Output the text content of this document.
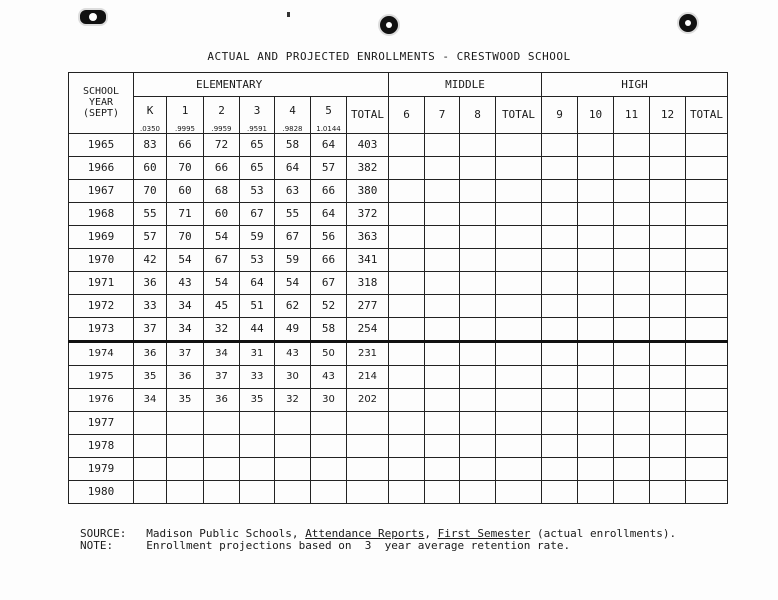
ACTUAL AND PROJECTED ENROLLMENTS - CRESTWOOD SCHOOL
SCHOOL
YEAR
(SEPT)	ELEMENTARY							MIDDLE				HIGH				
	K	1	2	3	4	5	TOTAL	6	7	8	TOTAL	9	10	11	12	TOTAL
	.0350	.9995	.9959	.9591	.9828	1.0144										
1965	83	66	72	65	58	64	403									
1966	60	70	66	65	64	57	382									
1967	70	60	68	53	63	66	380									
1968	55	71	60	67	55	64	372									
1969	57	70	54	59	67	56	363									
1970	42	54	67	53	59	66	341									
1971	36	43	54	64	54	67	318									
1972	33	34	45	51	62	52	277									
1973	37	34	32	44	49	58	254									
1974	36	37	34	31	43	50	231									
1975	35	36	37	33	30	43	214									
1976	34	35	36	35	32	30	202									
1977																
1978																
1979																
1980																
SOURCE: Madison Public Schools, Attendance Reports, First Semester (actual enrollments).
NOTE:	Enrollment projections based on  3  year average retention rate.
